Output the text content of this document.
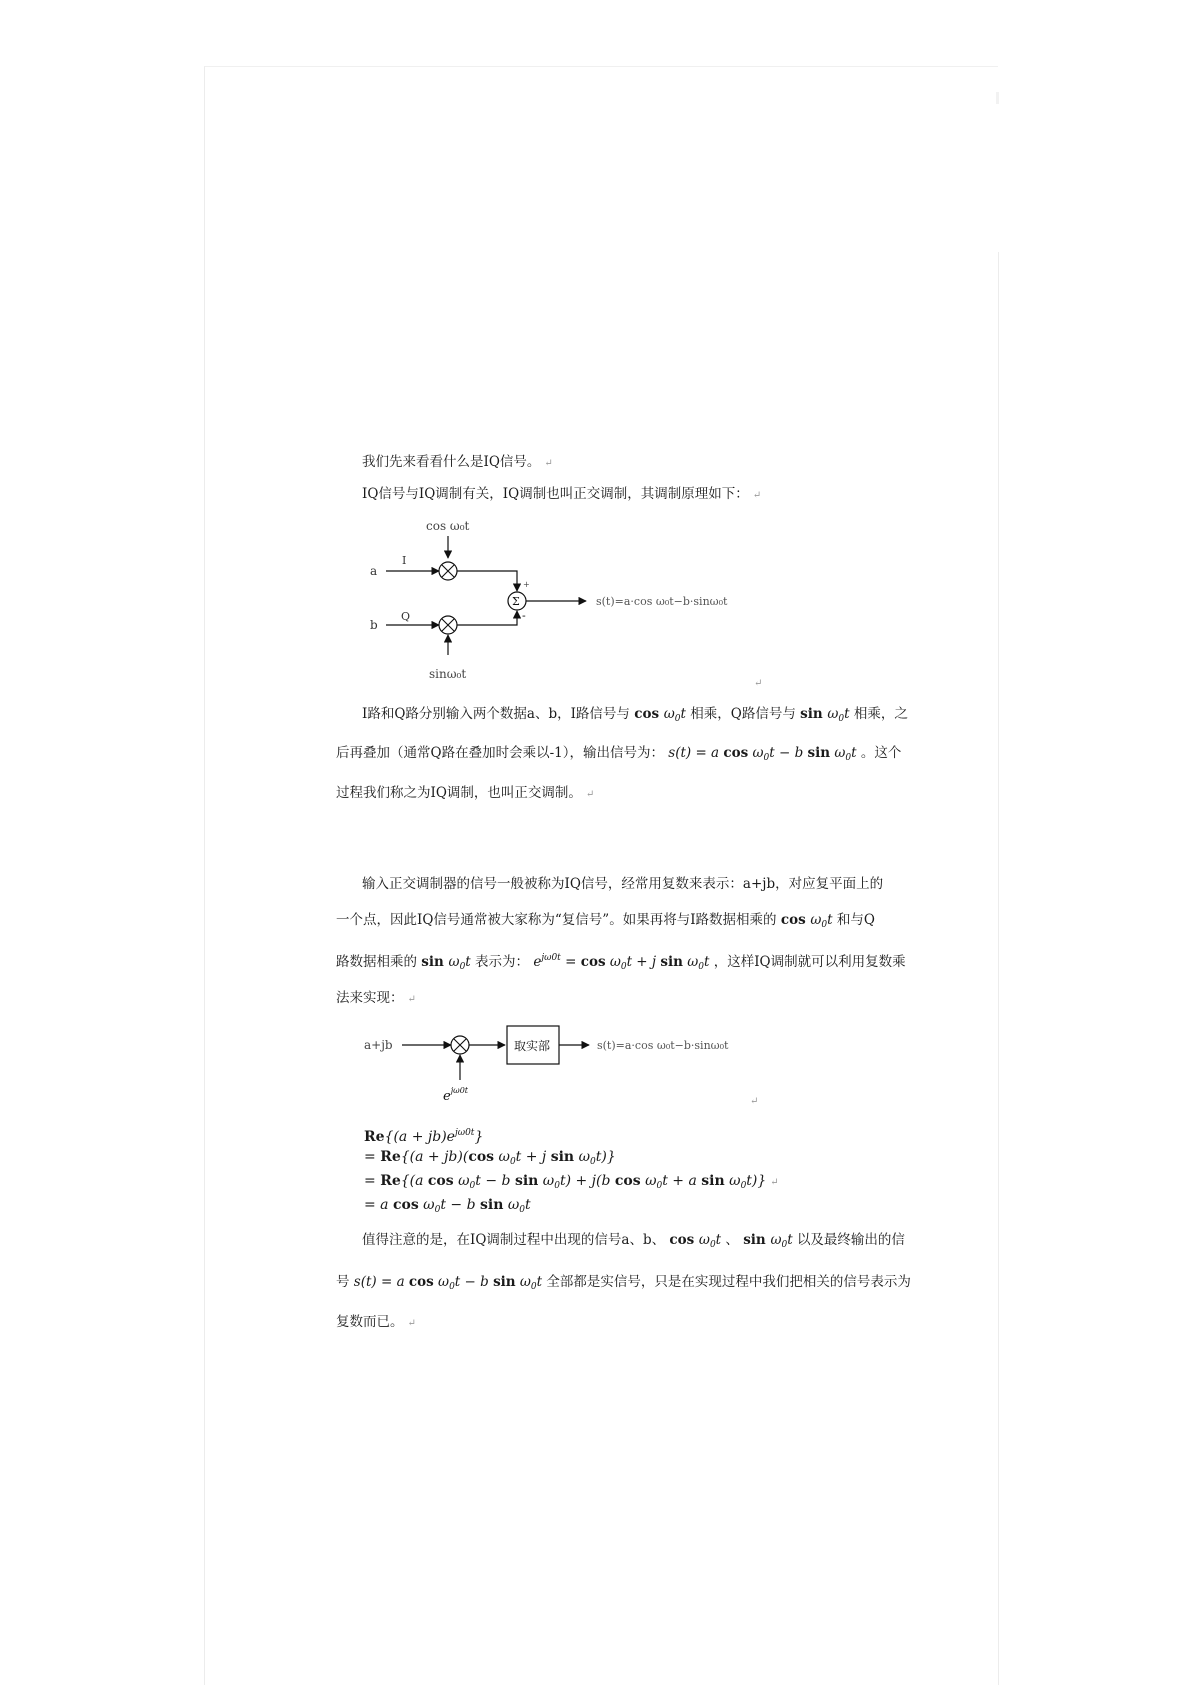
我们先来看看什么是IQ信号。 ↵
IQ信号与IQ调制有关，IQ调制也叫正交调制，其调制原理如下： ↵
cos ω₀t
a
I
+
Σ
b
Q	-
sinω₀t
s(t)=a·cos ω₀t−b·sinω₀t
↵
I路和Q路分别输入两个数据a、b，I路信号与 $\cos \omega_0t$ 相乘，Q路信号与 $\sin \omega_0t$ 相乘，之
后再叠加（通常Q路在叠加时会乘以-1），输出信号为： s(t) = a $\cos \omega_0t - b$ $\sin \omega_0t$ 。这个
过程我们称之为IQ调制，也叫正交调制。 ↵
输入正交调制器的信号一般被称为IQ信号，经常用复数来表示：a+jb，对应复平面上的
一个点，因此IQ信号通常被大家称为“复信号”。如果再将与I路数据相乘的 $\cos \omega_0t$ 和与Q
路数据相乘的 $\sin \omega_0t$ 表示为： $e^{j\omega 0t} = \cos \omega_0t + j$ $\sin \omega_0t$ ，这样IQ调制就可以利用复数乘
法来实现： ↵
a+jb	取实部	s(t)=a·cos ω₀t−b·sinω₀t
$e^{j\omega 0t}$
↵
$Re\{(a + jb)e^{j\omega 0t}\}$
= Re{(a + jb)(cos $\omega_0t + j$ $\sin \omega_0t$)}
= Re{(a $\cos \omega_0t - b$ $\sin \omega_0t) + j(b$ $\cos \omega_0t + a$ $\sin \omega_0t$)} ↵
= a $\cos \omega_0t - b$ $\sin \omega_0t$
值得注意的是，在IQ调制过程中出现的信号a、b、 $\cos \omega_0t$ 、 $\sin \omega_0t$ 以及最终输出的信
号 s(t) = a $\cos \omega_0t - b$ $\sin \omega_0t$ 全部都是实信号，只是在实现过程中我们把相关的信号表示为
复数而已。 ↵
